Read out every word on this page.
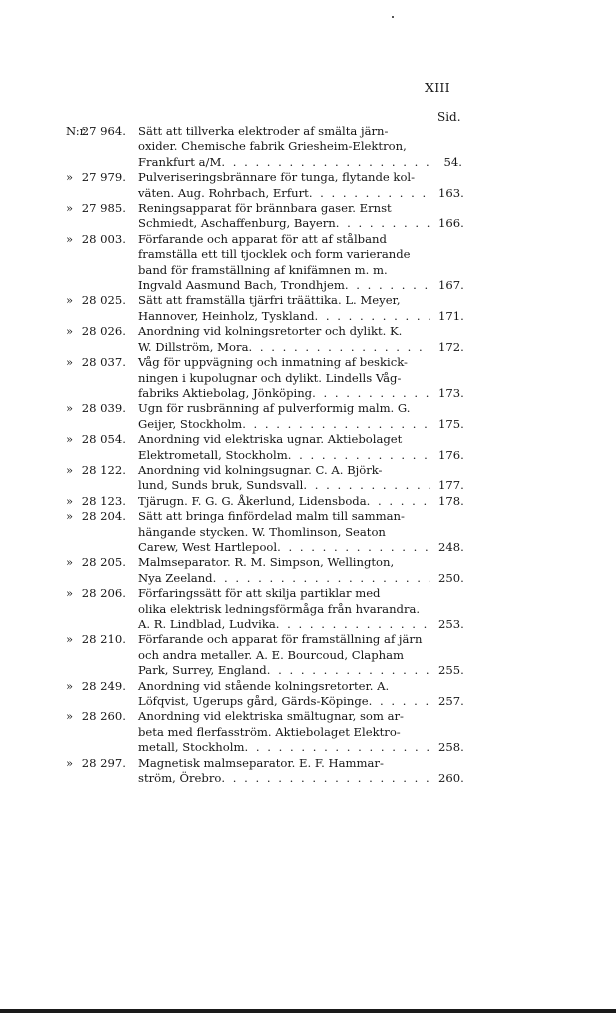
XIII
Sid.
N:r
27 964. Sätt att tillverka elektroder af smälta järn-
oxider. Chemische fabrik Griesheim-Elektron,
Frankfurt a/M . . .	54.
» 27 979. Pulveriseringsbrännare för tunga, flytande kol-
väten. Aug. Rohrbach, Erfurt . . .	163.
» 27 985. Reningsapparat för brännbara gaser. Ernst
Schmiedt, Aschaffenburg, Bayern . . .	166.
» 28 003. Förfarande och apparat för att af stålband
framställa ett till tjocklek och form varierande
band för framställning af knifämnen m. m.
Ingvald Aasmund Bach, Trondhjem . . .	167.
» 28 025. Sätt att framställa tjärfri träättika. L. Meyer,
Hannover, Heinholz, Tyskland . . .	171.
» 28 026. Anordning vid kolningsretorter och dylikt. K.
W. Dillström, Mora . . .	172.
» 28 037. Våg för uppvägning och inmatning af beskick-
ningen i kupolugnar och dylikt. Lindells Våg-
fabriks Aktiebolag, Jönköping . . .	173.
» 28 039. Ugn för rusbränning af pulverformig malm. G.
Geijer, Stockholm . . .	175.
» 28 054. Anordning vid elektriska ugnar. Aktiebolaget
Elektrometall, Stockholm . . .	176.
» 28 122. Anordning vid kolningsugnar. C. A. Björk-
lund, Sunds bruk, Sundsvall . . .	177.
» 28 123. Tjärugn. F. G. G. Åkerlund, Lidensboda . . .	178.
» 28 204. Sätt att bringa finfördelad malm till samman-
hängande stycken. W. Thomlinson, Seaton
Carew, West Hartlepool . . .	248.
» 28 205. Malmseparator. R. M. Simpson, Wellington,
Nya Zeeland . . .	250.
» 28 206. Förfaringssätt för att skilja partiklar med
olika elektrisk ledningsförmåga från hvarandra.
A. R. Lindblad, Ludvika . . .	253.
» 28 210. Förfarande och apparat för framställning af järn
och andra metaller. A. E. Bourcoud, Clapham
Park, Surrey, England . . .	255.
» 28 249. Anordning vid stående kolningsretorter. A.
Löfqvist, Ugerups gård, Gärds-Köpinge . . .	257.
» 28 260. Anordning vid elektriska smältugnar, som ar-
beta med flerfasström. Aktiebolaget Elektro-
metall, Stockholm . . .	258.
» 28 297. Magnetisk malmseparator. E. F. Hammar-
ström, Örebro . . .	260.
